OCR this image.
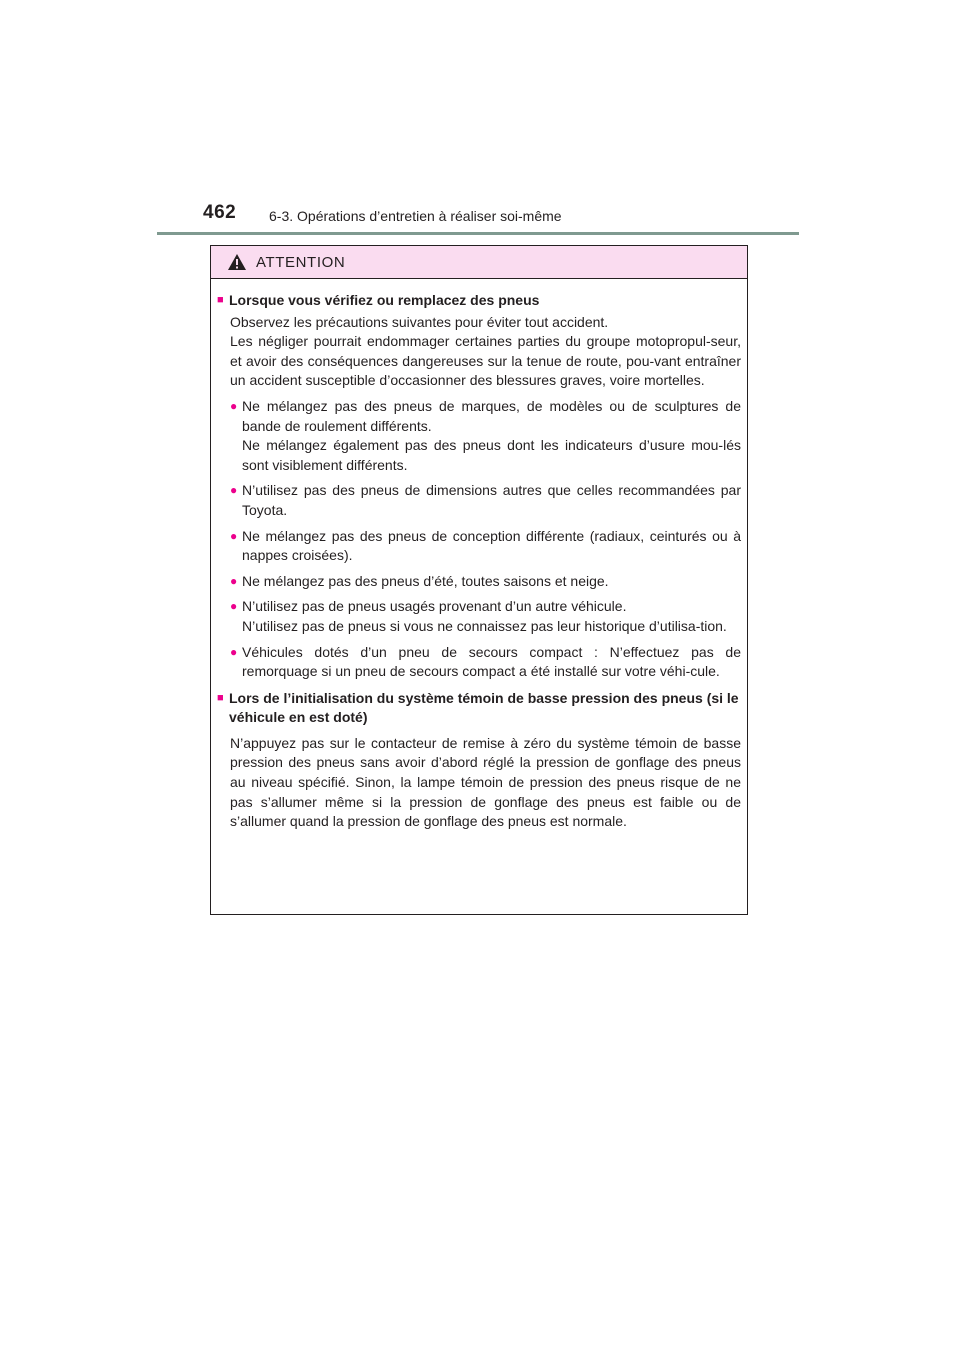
462 6-3. Opérations d’entretien à réaliser soi-même
ATTENTION
■ Lorsque vous vérifiez ou remplacez des pneus
Observez les précautions suivantes pour éviter tout accident.
Les négliger pourrait endommager certaines parties du groupe motopropul-seur, et avoir des conséquences dangereuses sur la tenue de route, pou-vant entraîner un accident susceptible d’occasionner des blessures graves, voire mortelles.
● Ne mélangez pas des pneus de marques, de modèles ou de sculptures de bande de roulement différents.
Ne mélangez également pas des pneus dont les indicateurs d’usure mou-lés sont visiblement différents.
● N’utilisez pas des pneus de dimensions autres que celles recommandées par Toyota.
● Ne mélangez pas des pneus de conception différente (radiaux, ceinturés ou à nappes croisées).
● Ne mélangez pas des pneus d’été, toutes saisons et neige.
● N’utilisez pas de pneus usagés provenant d’un autre véhicule.
N’utilisez pas de pneus si vous ne connaissez pas leur historique d’utilisa-tion.
● Véhicules dotés d’un pneu de secours compact : N’effectuez pas de remorquage si un pneu de secours compact a été installé sur votre véhi-cule.
■ Lors de l’initialisation du système témoin de basse pression des pneus (si le véhicule en est doté)
N’appuyez pas sur le contacteur de remise à zéro du système témoin de basse pression des pneus sans avoir d’abord réglé la pression de gonflage des pneus au niveau spécifié. Sinon, la lampe témoin de pression des pneus risque de ne pas s’allumer même si la pression de gonflage des pneus est faible ou de s’allumer quand la pression de gonflage des pneus est normale.
